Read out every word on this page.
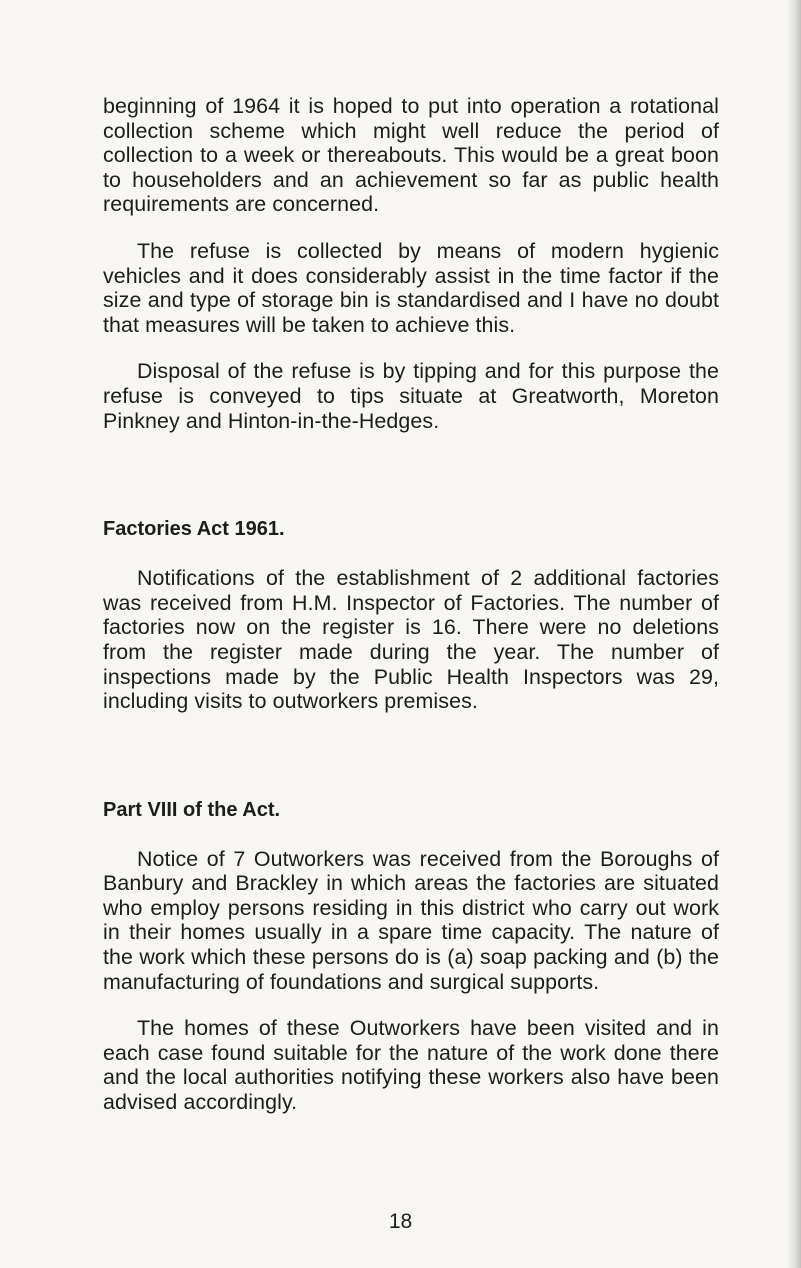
beginning of 1964 it is hoped to put into operation a rotational collection scheme which might well reduce the period of collection to a week or thereabouts. This would be a great boon to householders and an achievement so far as public health requirements are concerned.

The refuse is collected by means of modern hygienic vehicles and it does considerably assist in the time factor if the size and type of storage bin is standardised and I have no doubt that measures will be taken to achieve this.

Disposal of the refuse is by tipping and for this purpose the refuse is conveyed to tips situate at Greatworth, Moreton Pinkney and Hinton-in-the-Hedges.

Factories Act 1961.

Notifications of the establishment of 2 additional factories was received from H.M. Inspector of Factories. The number of factories now on the register is 16. There were no deletions from the register made during the year. The number of inspections made by the Public Health Inspectors was 29, including visits to outworkers premises.

Part VIII of the Act.

Notice of 7 Outworkers was received from the Boroughs of Banbury and Brackley in which areas the factories are situated who employ persons residing in this district who carry out work in their homes usually in a spare time capacity. The nature of the work which these persons do is (a) soap packing and (b) the manufacturing of foundations and surgical supports.

The homes of these Outworkers have been visited and in each case found suitable for the nature of the work done there and the local authorities notifying these workers also have been advised accordingly.

18
